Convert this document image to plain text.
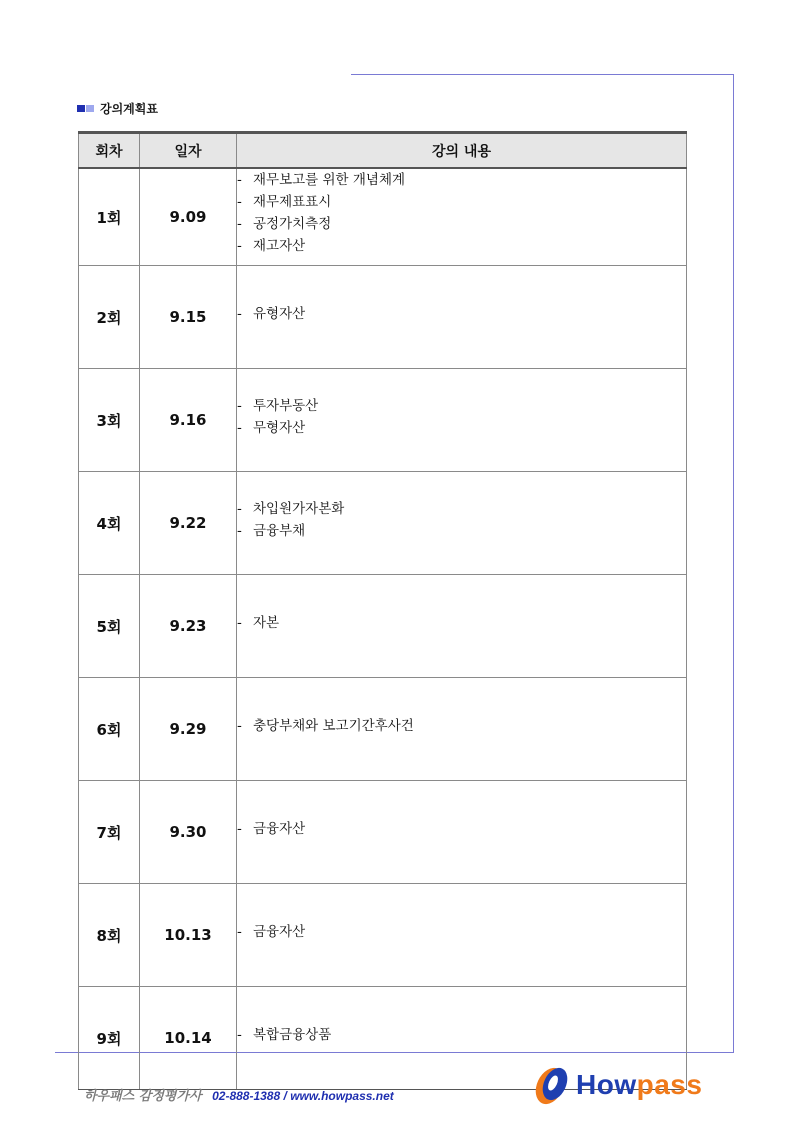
강의계획표
회차	일자	강의 내용
1회	9.09	- 재무보고를 위한 개념체계
- 재무제표표시
- 공정가치측정
- 재고자산

2회	9.15	- 유형자산

3회	9.16	- 투자부동산
- 무형자산

4회	9.22	- 차입원가자본화
- 금융부채

5회	9.23	- 자본

6회	9.29	- 충당부채와 보고기간후사건

7회	9.30	- 금융자산

8회	10.13	- 금융자산

9회	10.14	- 복합금융상품
하우패스 감정평가사 02-888-1388 / www.howpass.net	Howpass
